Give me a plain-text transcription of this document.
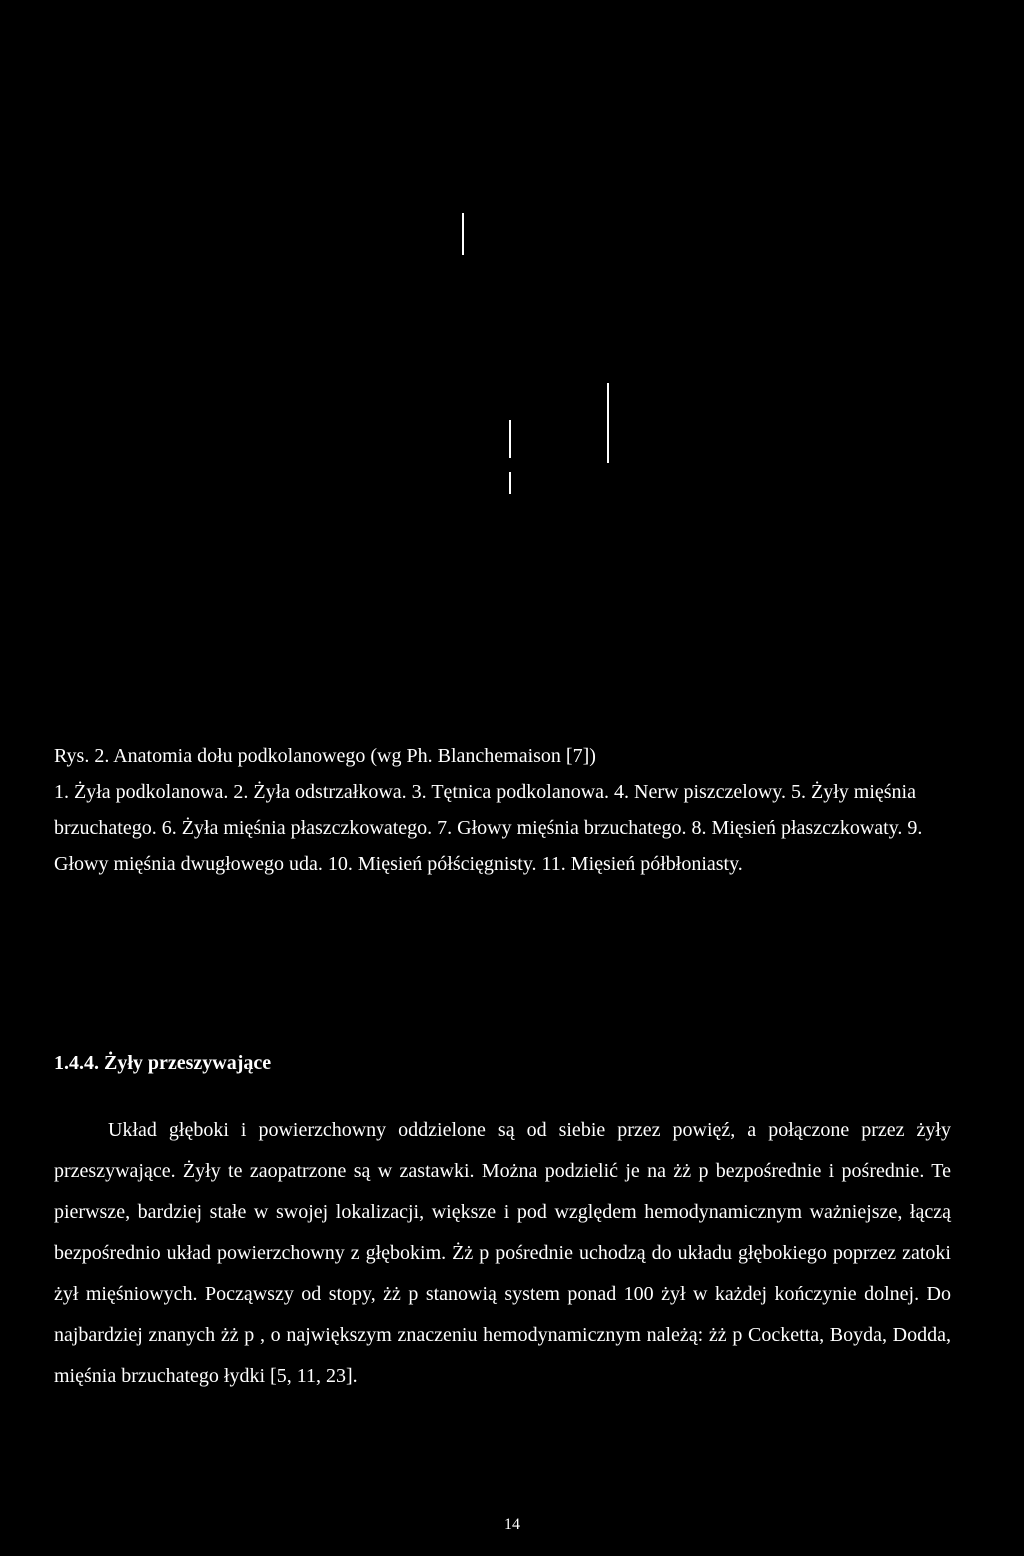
Rys. 2. Anatomia dołu podkolanowego (wg Ph. Blanchemaison [7])

1. Żyła podkolanowa. 2. Żyła odstrzałkowa. 3. Tętnica podkolanowa. 4. Nerw piszczelowy. 5. Żyły mięśnia brzuchatego. 6. Żyła mięśnia płaszczkowatego. 7. Głowy mięśnia brzuchatego. 8. Mięsień płaszczkowaty. 9. Głowy mięśnia dwugłowego uda. 10. Mięsień półścięgnisty. 11. Mięsień półbłoniasty.

1.4.4. Żyły przeszywające

Układ głęboki i powierzchowny oddzielone są od siebie przez powięź, a połączone przez żyły przeszywające. Żyły te zaopatrzone są w zastawki. Można podzielić je na żż p bezpośrednie i pośrednie. Te pierwsze, bardziej stałe w swojej lokalizacji, większe i pod względem hemodynamicznym ważniejsze, łączą bezpośrednio układ powierzchowny z głębokim. Żż p pośrednie uchodzą do układu głębokiego poprzez zatoki żył mięśniowych. Począwszy od stopy, żż p stanowią system ponad 100 żył w każdej kończynie dolnej. Do najbardziej znanych żż p , o największym znaczeniu hemodynamicznym należą: żż p Cocketta, Boyda, Dodda, mięśnia brzuchatego łydki [5, 11, 23].

14
